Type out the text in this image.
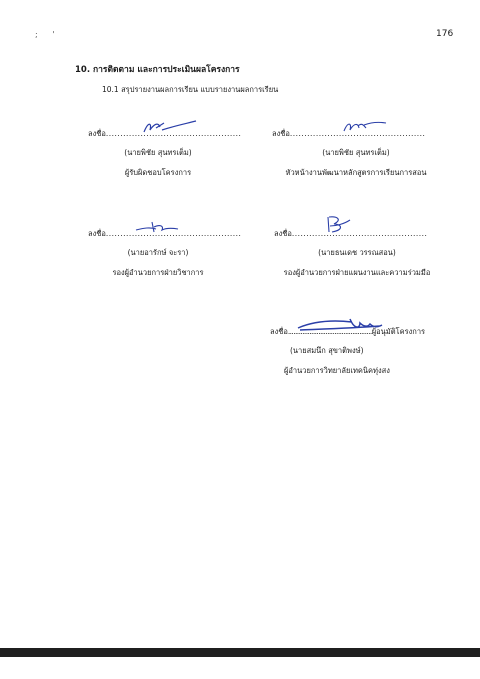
; '	176
10. การติดตาม และการประเมินผลโครงการ
10.1 สรุปรายงานผลการเรียน แบบรายงานผลการเรียน
ลงชื่อ...............................................
(นายพิชัย สุนทรเต็ม)
ผู้รับผิดชอบโครงการ
ลงชื่อ...............................................
(นายพิชัย สุนทรเต็ม)
หัวหน้างานพัฒนาหลักสูตรการเรียนการสอน
ลงชื่อ...............................................
(นายอารักษ์ จะรา)
รองผู้อำนวยการฝ่ายวิชาการ
ลงชื่อ...............................................
(นายธนเดช วรรณสอน)
รองผู้อำนวยการฝ่ายแผนงานและความร่วมมือ
ลงชื่อ...............................................ผู้อนุมัติโครงการ
(นายสมนึก สุขาติพงษ์)
ผู้อำนวยการวิทยาลัยเทคนิคทุ่งสง
